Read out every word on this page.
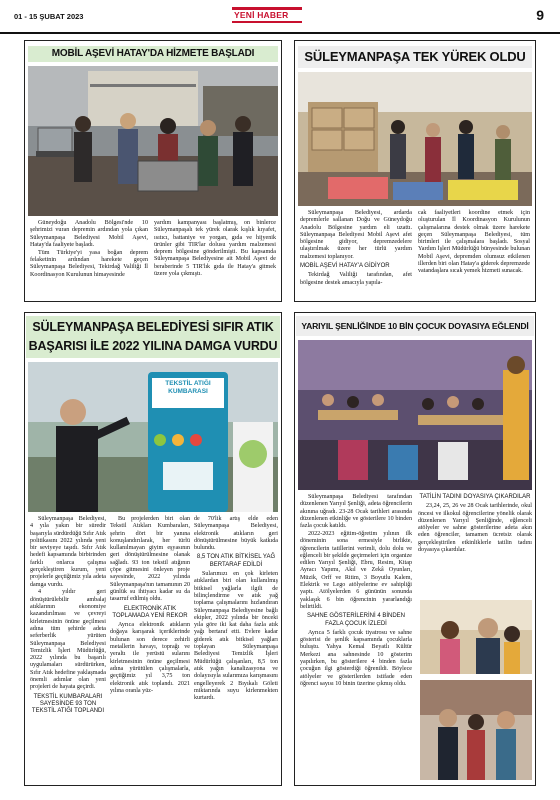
01 - 15 ŞUBAT 2023	YENİ HABER	9
MOBİL AŞEVİ HATAY'DA HİZMETE BAŞLADI

Güneydoğu Anadolu Bölgesi'nde 10 şehrimizi vuran depremin ardından yola çıkan Süleymanpaşa Belediyesi Mobil Aşevi, Hatay'da faaliyete başladı.

Tüm Türkiye'yi yasa boğan deprem felaketinin ardından harekete geçen Süleymanpaşa Belediyesi, Tekirdağ Valiliği İl Koordinasyon Kurulunun himayesinde

yardım kampanyası başlatmış, on binlerce Süleymanpaşalı tek yürek olarak kışlık kıyafet, ısıtıcı, battaniye ve yorgan, gıda ve hijyenik ürünler gibi TIR'lar dolusu yardım malzemesi deprem bölgesine gönderilmişti. Bu kapsamda Süleymanpaşa Belediyesine ait Mobil Aşevi de beraberinde 5 TIR'lık gıda ile Hatay'a gitmek üzere yola çıkmıştı.

SÜLEYMANPAŞA TEK YÜREK OLDU

Süleymanpaşa Belediyesi, ardarda depremlerle sallanan Doğu ve Güneydoğu Anadolu Bölgesine yardım eli uzattı. Süleymanpaşa Belediyesi Mobil Aşevi afet bölgesine gidiyor, depremzedelere ulaştırılmak üzere her türlü yardım malzemesi toplanıyor.

MOBİL AŞEVİ HATAY'A GİDİYOR

Tekirdağ Valiliği tarafından, afet bölgesine destek amacıyla yapıla-

cak faaliyetleri koordine etmek için oluşturulan İl Koordinasyon Kurulunun çalışmalarına destek olmak üzere harekete geçen Süleymanpaşa Belediyesi, tüm birimleri ile çalışmalara başladı. Sosyal Yardım İşleri Müdürlüğü bünyesinde bulunan Mobil Aşevi, depremden olumsuz etkilenen illerden biri olan Hatay'a giderek depremzede vatandaşlara sıcak yemek hizmeti sunacak.

SÜLEYMANPAŞA BELEDİYESİ SIFIR ATIK
BAŞARISI İLE 2022 YILINA DAMGA VURDU
TEKSTİL ATIĞI
KUMBARASI

Süleymanpaşa Belediyesi, 4 yıla yakın bir süredir başarıyla sürdürdüğü Sıfır Atık politikasını 2022 yılında yeni bir seviyeye taşıdı. Sıfır Atık hedefi kapsamında birbirinden farklı onlarca çalışma gerçekleştiren kurum, yeni projelerle geçtiğimiz yıla adeta damga vurdu.

4 yıldır geri dönüştürülebilir ambalaj atıklarının ekonomiye kazandırılması ve çevreyi kirletmesinin önüne geçilmesi adına tüm şehirde adeta seferberlik yürüten Süleymanpaşa Belediyesi Temizlik İşleri Müdürlüğü, 2022 yılında bu başarılı uygulamaları sürdürürken, Sıfır Atık hedefine yaklaşmada önemli adımlar olan yeni projeleri de hayata geçirdi.

TEKSTİL KUMBARALARI SAYESİNDE 93 TON TEKSTİL ATIĞI TOPLANDI

Bu projelerden biri olan Tekstil Atıkları Kumbaraları, şehrin dört bir yanına konuşlandırılarak, her türlü kullanılmayan giyim eşyasının geri dönüştürülmesine olanak sağladı. 93 ton tekstil atığının çöpe gitmesini önleyen proje sayesinde, 2022 yılında Süleymanpaşa'nın tamamının 20 günlük su ihtiyacı kadar su da tasarruf edilmiş oldu.

ELEKTRONİK ATIK TOPLAMADA YENİ REKOR

Ayrıca elektronik atıkların doğaya karışarak içeriklerinde bulunan son derece zehirli metallerin havayı, toprağı ve yeraltı ile yerüstü sularını kirletmesinin önüne geçilmesi adına yürütülen çalışmalarla, geçtiğimiz yıl 3,75 ton elektronik atık toplandı. 2021 yılına oranla yüz-

de 70'lik artış elde eden Süleymanpaşa Belediyesi, elektronik atıkların geri dönüştürülmesine büyük katkıda bulundu.

8,5 TON ATIK BİTKİSEL YAĞ BERTARAF EDİLDİ

Sularımızı en çok kirleten atıklardan biri olan kullanılmış bitkisel yağlarla ilgili de bilinçlendirme ve atık yağ toplama çalışmalarını hızlandıran Süleymanpaşa Belediyesine bağlı ekipler, 2022 yılında bir önceki yıla göre iki kat daha fazla atık yağı bertaraf etti. Evlere kadar giderek atık bitkisel yağları toplayan Süleymanpaşa Belediyesi Temizlik İşleri Müdürlüğü çalışanları, 8,5 ton atık yağın kanalizasyona ve dolayısıyla sularımıza karışmasını engelleyerek 2 Bıyıkalı Göleti miktarında suyu kirlenmekten kurtardı.

YARIYIL ŞENLİĞİNDE 10 BİN ÇOCUK DOYASIYA EĞLENDİ

Süleymanpaşa Belediyesi tarafından düzenlenen Yarıyıl Şenliği, adeta öğrencilerin akınına uğradı. 23-28 Ocak tarihleri arasında düzenlenen etkinliğe ve gösterilere 10 binden fazla çocuk katıldı.

2022-2023 eğitim-öğretim yılının ilk döneminin sona ermesiyle birlikte, öğrencilerin tatillerini verimli, dolu dolu ve eğlenceli bir şekilde geçirmeleri için organize edilen Yarıyıl Şenliği, Ebru, Resim, Kitap Ayracı Yapımı, Akıl ve Zekâ Oyunları, Müzik, Orff ve Ritim, 3 Boyutlu Kalem, Elektrik ve Lego atölyelerine ev sahipliği yaptı. Atölyelerden 6 gününün sonunda yaklaşık 6 bin öğrencinin yararlandığı belirtildi.

SAHNE GÖSTERİLERİNİ 4 BİNDEN FAZLA ÇOCUK İZLEDİ

Ayrıca 5 farklı çocuk tiyatrosu ve sahne gösterisi de şenlik kapsamında çocuklarla buluştu. Yahya Kemal Beyatlı Kültür Merkezi ana sahnesinde 10 gösterim yapılırken, bu gösterilere 4 binden fazla çocuğun ilgi gösterdiği öğrenildi. Böylece atölyeler ve gösterilerden istifade eden öğrenci sayısı 10 binin üzerine çıkmış oldu.

TATİLİN TADINI DOYASIYA ÇIKARDILAR

23,24, 25, 26 ve 28 Ocak tarihlerinde, okul öncesi ve ilkokul öğrencilerine yönelik olarak düzenlenen Yarıyıl Şenliğinde, eğlenceli atölyeler ve sahne gösterilerine adeta akın eden öğrenciler, tamamen ücretsiz olarak gerçekleştirilen etkinliklerle tatilin tadını doyasıya çıkardılar.
